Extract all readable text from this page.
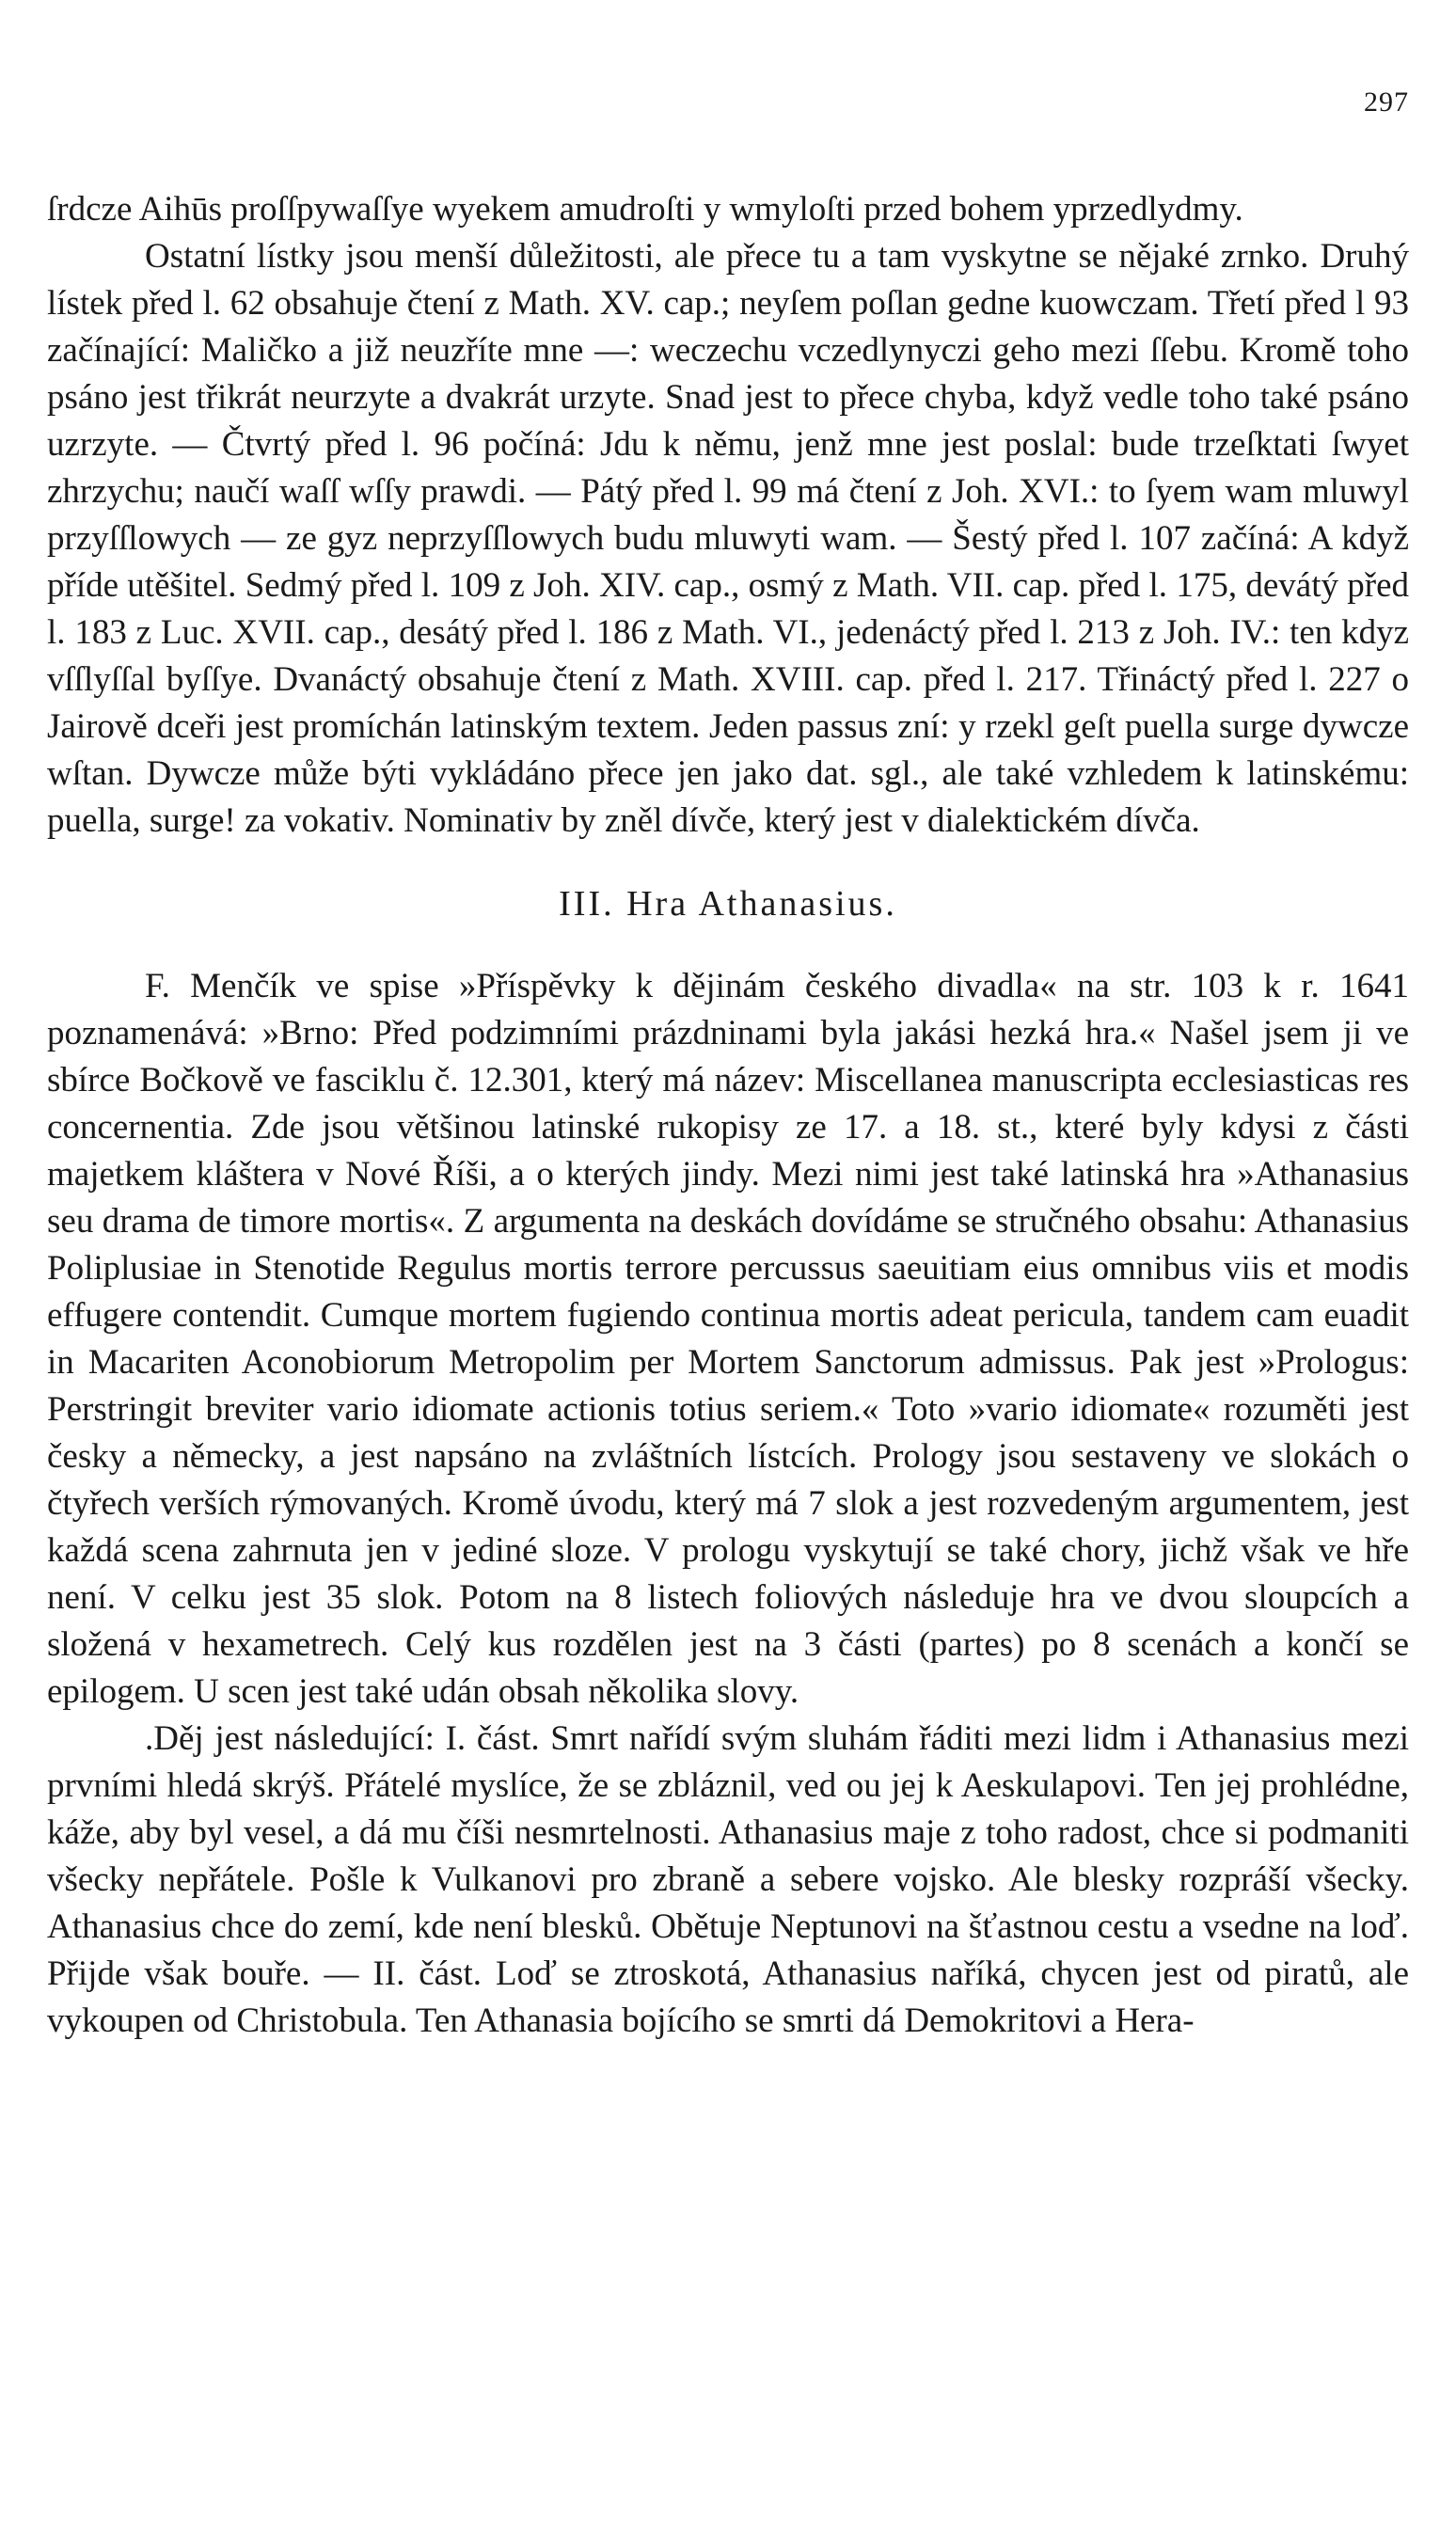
297

ſrdcze Aihūs proſſpywaſſye wyekem amudroſti y wmyloſti przed bohem yprzedlydmy.

Ostatní lístky jsou menší důležitosti, ale přece tu a tam vyskytne se nějaké zrnko. Druhý lístek před l. 62 obsahuje čtení z Math. XV. cap.; neyſem poſlan gedne kuowczam. Třetí před l 93 začínající: Maličko a již neuzříte mne —: weczechu vczedlynyczi geho mezi ſſebu. Kromě toho psáno jest třikrát neurzyte a dvakrát urzyte. Snad jest to přece chyba, když vedle toho také psáno uzrzyte. — Čtvrtý před l. 96 počíná: Jdu k němu, jenž mne jest poslal: bude trzeſktati ſwyet zhrzychu; naučí waſſ wſſy prawdi. — Pátý před l. 99 má čtení z Joh. XVI.: to ſyem wam mluwyl przyſſlowych — ze gyz neprzyſſlowych budu mluwyti wam. — Šestý před l. 107 začíná: A když příde utěšitel. Sedmý před l. 109 z Joh. XIV. cap., osmý z Math. VII. cap. před l. 175, devátý před l. 183 z Luc. XVII. cap., desátý před l. 186 z Math. VI., jedenáctý před l. 213 z Joh. IV.: ten kdyz vſſlyſſal byſſye. Dvanáctý obsahuje čtení z Math. XVIII. cap. před l. 217. Třináctý před l. 227 o Jairově dceři jest promíchán latinským textem. Jeden passus zní: y rzekl geſt puella surge dywcze wſtan. Dywcze může býti vykládáno přece jen jako dat. sgl., ale také vzhledem k latinskému: puella, surge! za vokativ. Nominativ by zněl dívče, který jest v dialektickém dívča.

III. Hra Athanasius.

F. Menčík ve spise »Příspěvky k dějinám českého divadla« na str. 103 k r. 1641 poznamenává: »Brno: Před podzimními prázdninami byla jakási hezká hra.« Našel jsem ji ve sbírce Bočkově ve fasciklu č. 12.301, který má název: Miscellanea manuscripta ecclesiasticas res concernentia. Zde jsou většinou latinské rukopisy ze 17. a 18. st., které byly kdysi z části majetkem kláštera v Nové Říši, a o kterých jindy. Mezi nimi jest také latinská hra »Athanasius seu drama de timore mortis«. Z argumenta na deskách dovídáme se stručného obsahu: Athanasius Poliplusiae in Stenotide Regulus mortis terrore percussus saeuitiam eius omnibus viis et modis effugere contendit. Cumque mortem fugiendo continua mortis adeat pericula, tandem cam euadit in Macariten Aconobiorum Metropolim per Mortem Sanctorum admissus. Pak jest »Prologus: Perstringit breviter vario idiomate actionis totius seriem.« Toto »vario idiomate« rozuměti jest česky a německy, a jest napsáno na zvláštních lístcích. Prology jsou sestaveny ve slokách o čtyřech verších rýmovaných. Kromě úvodu, který má 7 slok a jest rozvedeným argumentem, jest každá scena zahrnuta jen v jediné sloze. V prologu vyskytují se také chory, jichž však ve hře není. V celku jest 35 slok. Potom na 8 listech foliových následuje hra ve dvou sloupcích a složená v hexametrech. Celý kus rozdělen jest na 3 části (partes) po 8 scenách a končí se epilogem. U scen jest také udán obsah několika slovy.

.Děj jest následující: I. část. Smrt nařídí svým sluhám řáditi mezi lidm i Athanasius mezi prvními hledá skrýš. Přátelé myslíce, že se zbláznil, ved ou jej k Aeskulapovi. Ten jej prohlédne, káže, aby byl vesel, a dá mu číši nesmrtelnosti. Athanasius maje z toho radost, chce si podmaniti všecky nepřátele. Pošle k Vulkanovi pro zbraně a sebere vojsko. Ale blesky rozpráší všecky. Athanasius chce do zemí, kde není blesků. Obětuje Neptunovi na šťastnou cestu a vsedne na loď. Přijde však bouře. — II. část. Loď se ztroskotá, Athanasius naříká, chycen jest od piratů, ale vykoupen od Christobula. Ten Athanasia bojícího se smrti dá Demokritovi a Hera-
